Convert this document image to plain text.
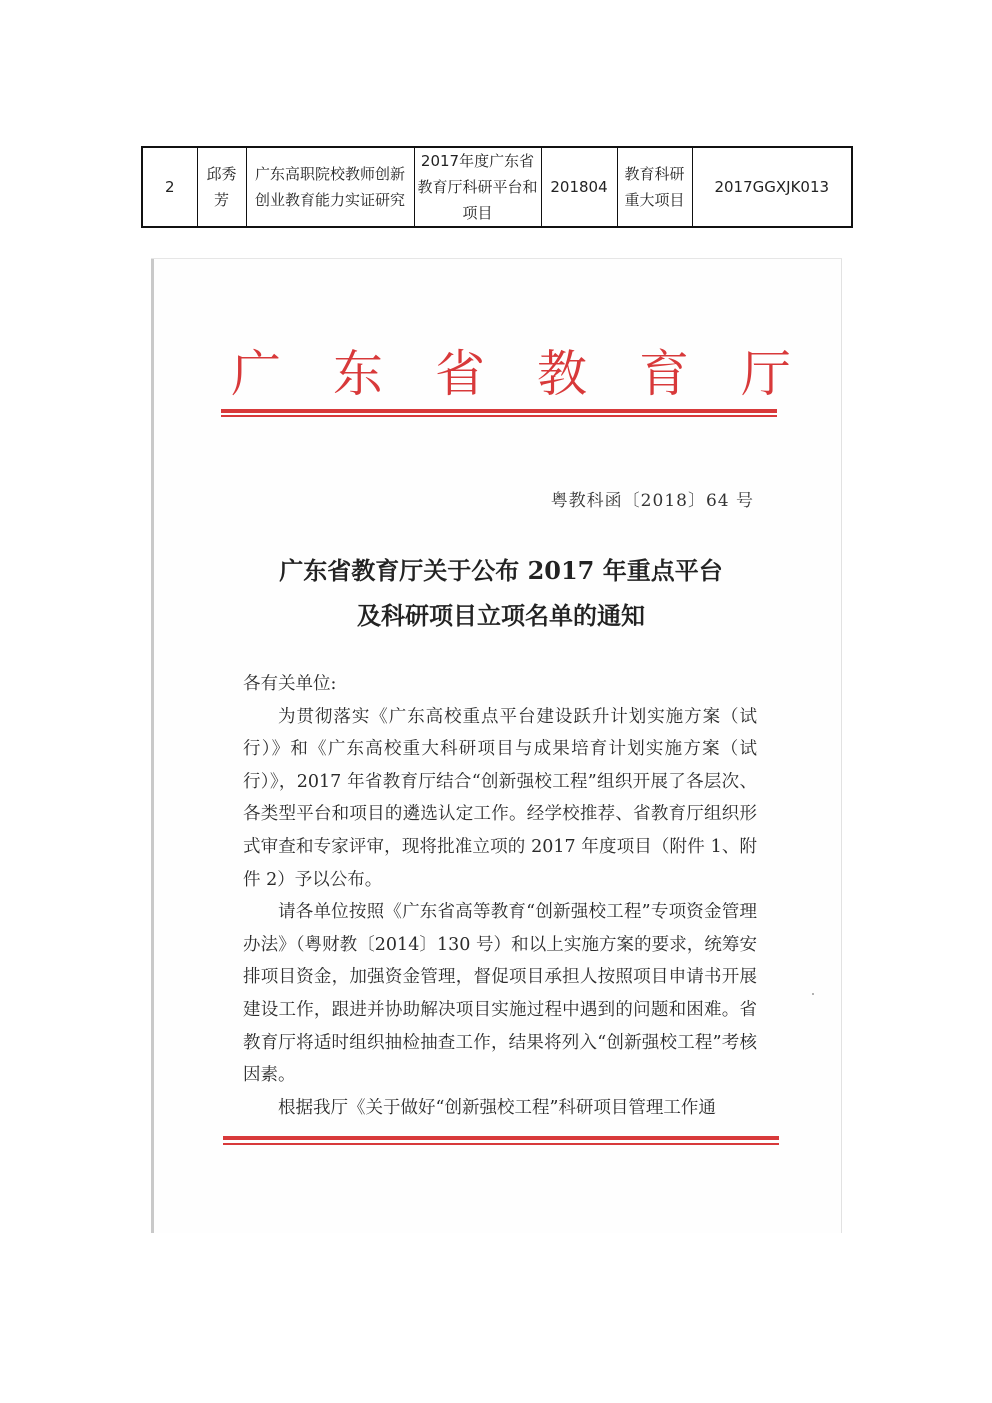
2	邱秀芳	广东高职院校教师创新创业教育能力实证研究	2017年度广东省教育厅科研平台和项目	201804	教育科研重大项目	2017GGXJK013
广 东 省 教 育 厅
粤教科函〔2018〕64 号
广东省教育厅关于公布 2017 年重点平台
及科研项目立项名单的通知

各有关单位:

为贯彻落实《广东高校重点平台建设跃升计划实施方案（试行）》和《广东高校重大科研项目与成果培育计划实施方案（试行）》，2017 年省教育厅结合“创新强校工程”组织开展了各层次、各类型平台和项目的遴选认定工作。经学校推荐、省教育厅组织形式审查和专家评审，现将批准立项的 2017 年度项目（附件 1、附件 2）予以公布。

请各单位按照《广东省高等教育“创新强校工程”专项资金管理办法》（粤财教〔2014〕130 号）和以上实施方案的要求，统筹安排项目资金，加强资金管理，督促项目承担人按照项目申请书开展建设工作，跟进并协助解决项目实施过程中遇到的问题和困难。省教育厅将适时组织抽检抽查工作，结果将列入“创新强校工程”考核因素。

根据我厅《关于做好“创新强校工程”科研项目管理工作通
